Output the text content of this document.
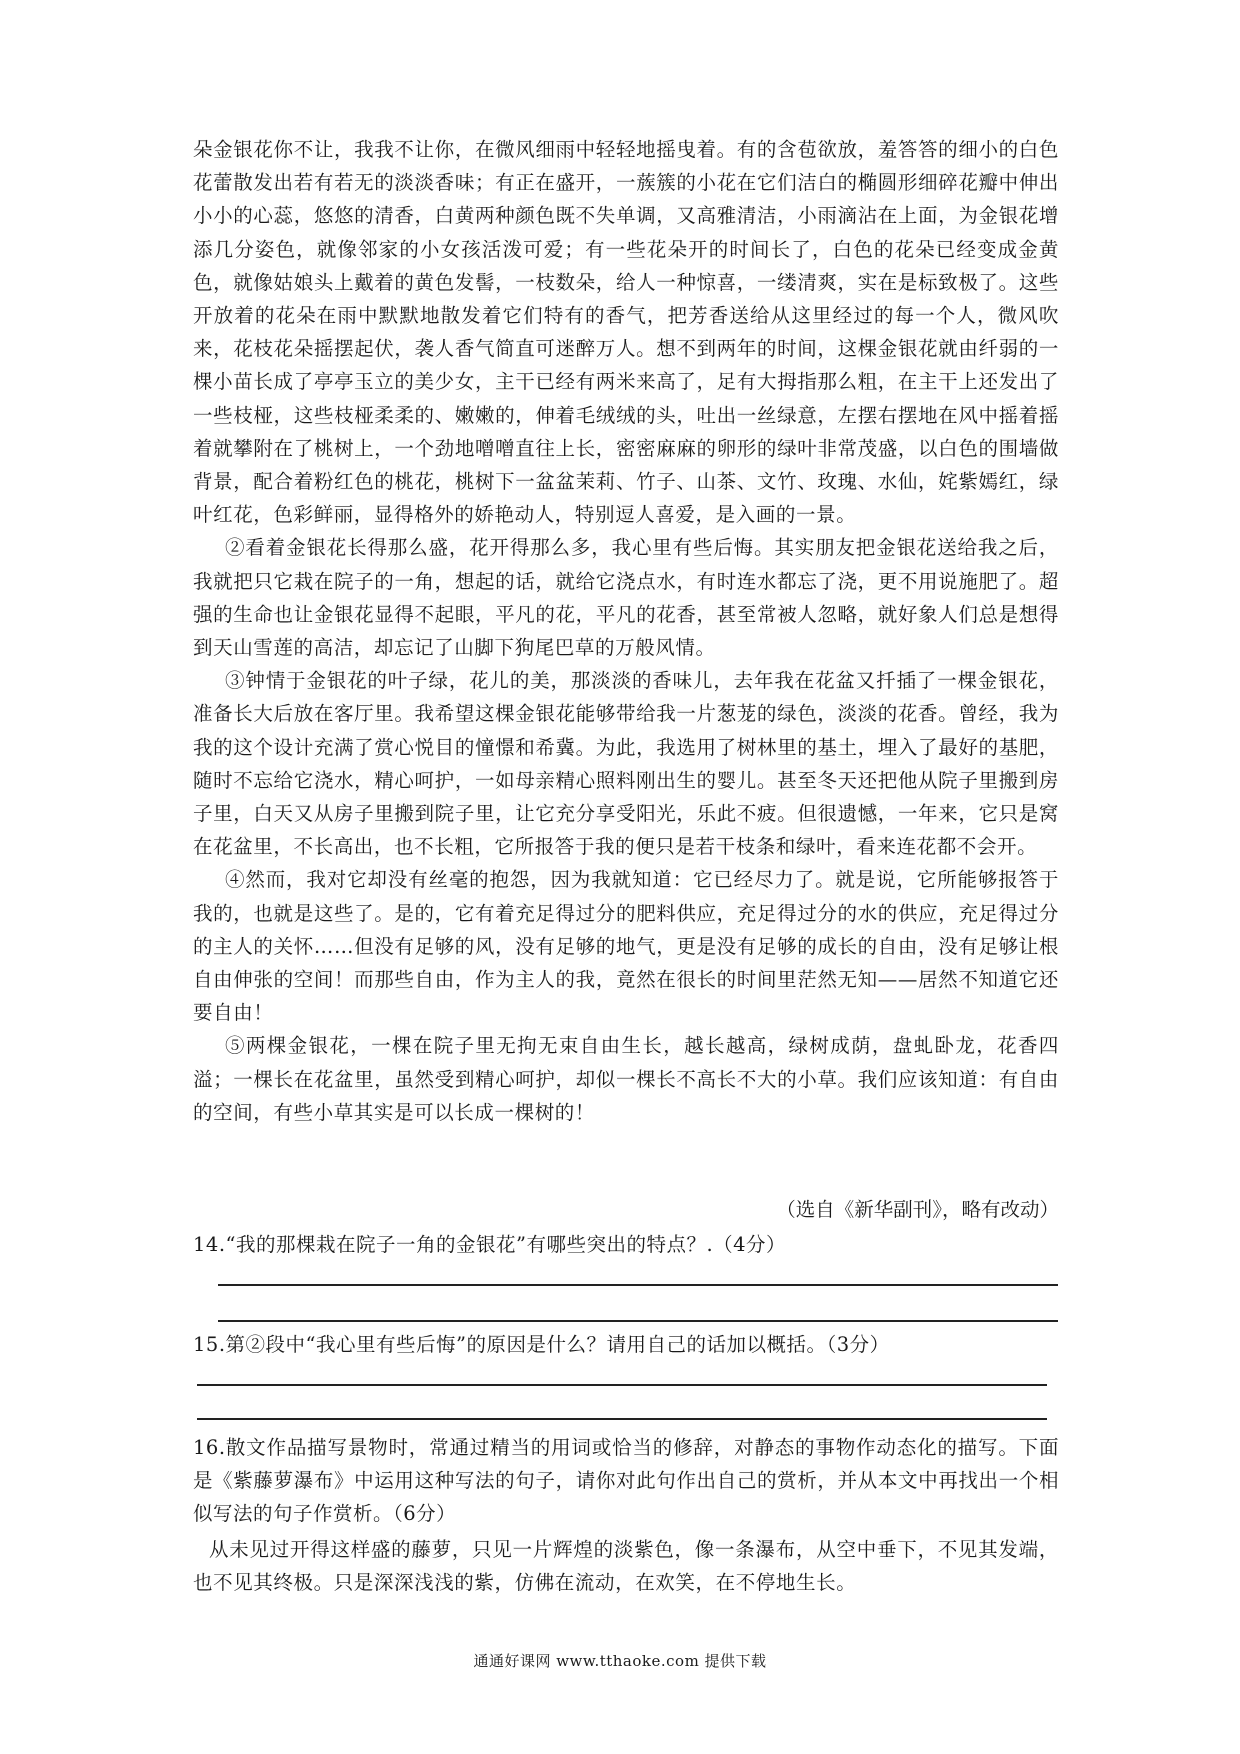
朵金银花你不让，我我不让你，在微风细雨中轻轻地摇曳着。有的含苞欲放，羞答答的细小的白色花蕾散发出若有若无的淡淡香味；有正在盛开，一蔟簇的小花在它们洁白的椭圆形细碎花瓣中伸出小小的心蕊，悠悠的清香，白黄两种颜色既不失单调，又高雅清洁，小雨滴沾在上面，为金银花增添几分姿色，就像邻家的小女孩活泼可爱；有一些花朵开的时间长了，白色的花朵已经变成金黄色，就像姑娘头上戴着的黄色发髻，一枝数朵，给人一种惊喜，一缕清爽，实在是标致极了。这些开放着的花朵在雨中默默地散发着它们特有的香气，把芳香送给从这里经过的每一个人，微风吹来，花枝花朵摇摆起伏，袭人香气简直可迷醉万人。想不到两年的时间，这棵金银花就由纤弱的一棵小苗长成了亭亭玉立的美少女，主干已经有两米来高了，足有大拇指那么粗，在主干上还发出了一些枝桠，这些枝桠柔柔的、嫩嫩的，伸着毛绒绒的头，吐出一丝绿意，左摆右摆地在风中摇着摇着就攀附在了桃树上，一个劲地噌噌直往上长，密密麻麻的卵形的绿叶非常茂盛，以白色的围墙做背景，配合着粉红色的桃花，桃树下一盆盆茉莉、竹子、山茶、文竹、玫瑰、水仙，姹紫嫣红，绿叶红花，色彩鲜丽，显得格外的娇艳动人，特别逗人喜爱，是入画的一景。

②看着金银花长得那么盛，花开得那么多，我心里有些后悔。其实朋友把金银花送给我之后，我就把只它栽在院子的一角，想起的话，就给它浇点水，有时连水都忘了浇，更不用说施肥了。超强的生命也让金银花显得不起眼，平凡的花，平凡的花香，甚至常被人忽略，就好象人们总是想得到天山雪莲的高洁，却忘记了山脚下狗尾巴草的万般风情。

③钟情于金银花的叶子绿，花儿的美，那淡淡的香味儿，去年我在花盆又扦插了一棵金银花，准备长大后放在客厅里。我希望这棵金银花能够带给我一片葱茏的绿色，淡淡的花香。曾经，我为我的这个设计充满了赏心悦目的憧憬和希冀。为此，我选用了树林里的基土，埋入了最好的基肥，随时不忘给它浇水，精心呵护，一如母亲精心照料刚出生的婴儿。甚至冬天还把他从院子里搬到房子里，白天又从房子里搬到院子里，让它充分享受阳光，乐此不疲。但很遗憾，一年来，它只是窝在花盆里，不长高出，也不长粗，它所报答于我的便只是若干枝条和绿叶，看来连花都不会开。

④然而，我对它却没有丝毫的抱怨，因为我就知道：它已经尽力了。就是说，它所能够报答于我的，也就是这些了。是的，它有着充足得过分的肥料供应，充足得过分的水的供应，充足得过分的主人的关怀……但没有足够的风，没有足够的地气，更是没有足够的成长的自由，没有足够让根自由伸张的空间！而那些自由，作为主人的我，竟然在很长的时间里茫然无知——居然不知道它还要自由！

⑤两棵金银花，一棵在院子里无拘无束自由生长，越长越高，绿树成荫，盘虬卧龙，花香四溢；一棵长在花盆里，虽然受到精心呵护，却似一棵长不高长不大的小草。我们应该知道：有自由的空间，有些小草其实是可以长成一棵树的！

（选自《新华副刊》，略有改动）
14.“我的那棵栽在院子一角的金银花”有哪些突出的特点？.（4分）
15.第②段中“我心里有些后悔”的原因是什么？请用自己的话加以概括。（3分）
16.散文作品描写景物时，常通过精当的用词或恰当的修辞，对静态的事物作动态化的描写。下面是《紫藤萝瀑布》中运用这种写法的句子，请你对此句作出自己的赏析，并从本文中再找出一个相似写法的句子作赏析。（6分）
从未见过开得这样盛的藤萝，只见一片辉煌的淡紫色，像一条瀑布，从空中垂下，不见其发端，也不见其终极。只是深深浅浅的紫，仿佛在流动，在欢笑，在不停地生长。
通通好课网 www.tthaoke.com 提供下载
